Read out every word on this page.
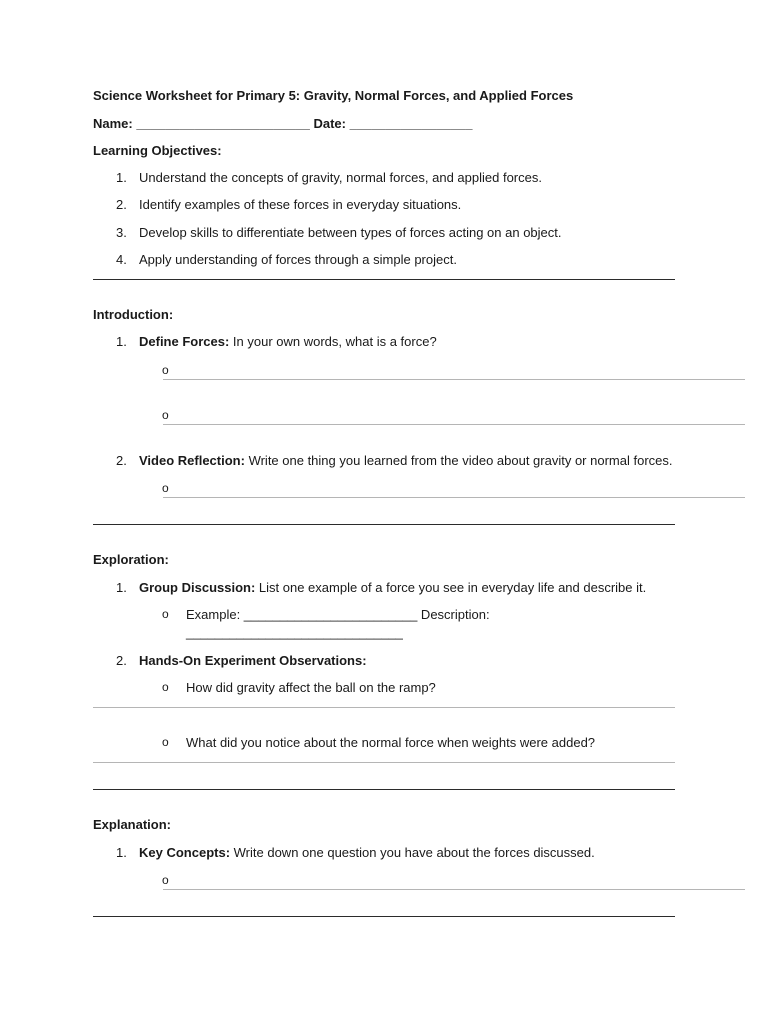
Science Worksheet for Primary 5: Gravity, Normal Forces, and Applied Forces
Name: ________________________ Date: _________________
Learning Objectives:
1. Understand the concepts of gravity, normal forces, and applied forces.
2. Identify examples of these forces in everyday situations.
3. Develop skills to differentiate between types of forces acting on an object.
4. Apply understanding of forces through a simple project.
Introduction:
1. Define Forces: In your own words, what is a force?
o
o
2. Video Reflection: Write one thing you learned from the video about gravity or normal forces.
o
Exploration:
1. Group Discussion: List one example of a force you see in everyday life and describe it.
o Example: ________________________ Description:
______________________________
2. Hands-On Experiment Observations:
o How did gravity affect the ball on the ramp?
o What did you notice about the normal force when weights were added?
Explanation:
1. Key Concepts: Write down one question you have about the forces discussed.
o
